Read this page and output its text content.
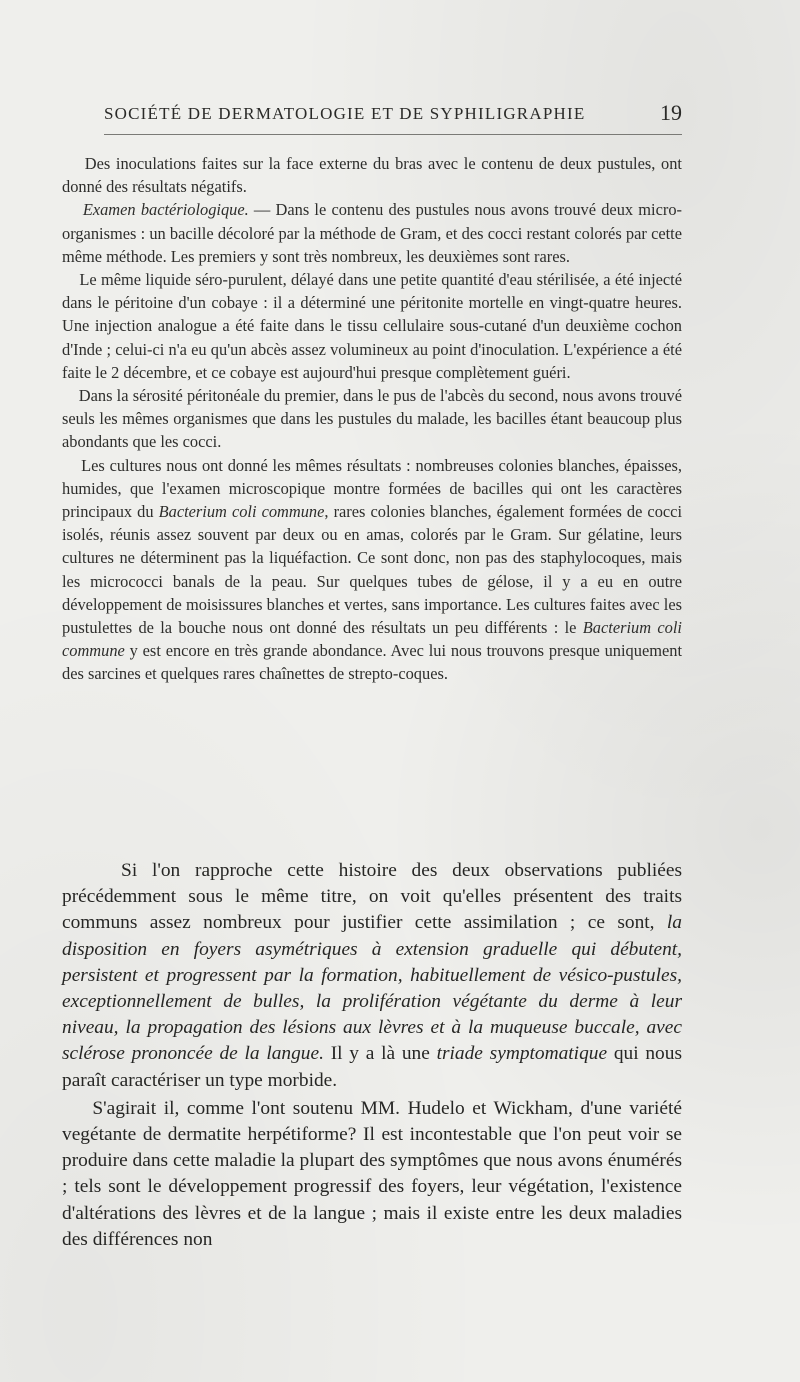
SOCIÉTÉ DE DERMATOLOGIE ET DE SYPHILIGRAPHIE	19

Des inoculations faites sur la face externe du bras avec le contenu de deux pustules, ont donné des résultats négatifs.

Examen bactériologique. — Dans le contenu des pustules nous avons trouvé deux micro-organismes : un bacille décoloré par la méthode de Gram, et des cocci restant colorés par cette même méthode. Les premiers y sont très nombreux, les deuxièmes sont rares.

Le même liquide séro-purulent, délayé dans une petite quantité d'eau stérilisée, a été injecté dans le péritoine d'un cobaye : il a déterminé une péritonite mortelle en vingt-quatre heures. Une injection analogue a été faite dans le tissu cellulaire sous-cutané d'un deuxième cochon d'Inde ; celui-ci n'a eu qu'un abcès assez volumineux au point d'inoculation. L'expérience a été faite le 2 décembre, et ce cobaye est aujourd'hui presque complètement guéri.

Dans la sérosité péritonéale du premier, dans le pus de l'abcès du second, nous avons trouvé seuls les mêmes organismes que dans les pustules du malade, les bacilles étant beaucoup plus abondants que les cocci.

Les cultures nous ont donné les mêmes résultats : nombreuses colonies blanches, épaisses, humides, que l'examen microscopique montre formées de bacilles qui ont les caractères principaux du Bacterium coli commune, rares colonies blanches, également formées de cocci isolés, réunis assez souvent par deux ou en amas, colorés par le Gram. Sur gélatine, leurs cultures ne déterminent pas la liquéfaction. Ce sont donc, non pas des staphylocoques, mais les micrococci banals de la peau. Sur quelques tubes de gélose, il y a eu en outre développement de moisissures blanches et vertes, sans importance. Les cultures faites avec les pustulettes de la bouche nous ont donné des résultats un peu différents : le Bacterium coli commune y est encore en très grande abondance. Avec lui nous trouvons presque uniquement des sarcines et quelques rares chaînettes de strepto-coques.

Si l'on rapproche cette histoire des deux observations publiées précédemment sous le même titre, on voit qu'elles présentent des traits communs assez nombreux pour justifier cette assimilation ; ce sont, la disposition en foyers asymétriques à extension graduelle qui débutent, persistent et progressent par la formation, habituellement de vésico-pustules, exceptionnellement de bulles, la prolifération végétante du derme à leur niveau, la propagation des lésions aux lèvres et à la muqueuse buccale, avec sclérose prononcée de la langue. Il y a là une triade symptomatique qui nous paraît caractériser un type morbide.

S'agirait il, comme l'ont soutenu MM. Hudelo et Wickham, d'une variété vegétante de dermatite herpétiforme? Il est incontestable que l'on peut voir se produire dans cette maladie la plupart des symptômes que nous avons énumérés ; tels sont le développement progressif des foyers, leur végétation, l'existence d'altérations des lèvres et de la langue ; mais il existe entre les deux maladies des différences non
